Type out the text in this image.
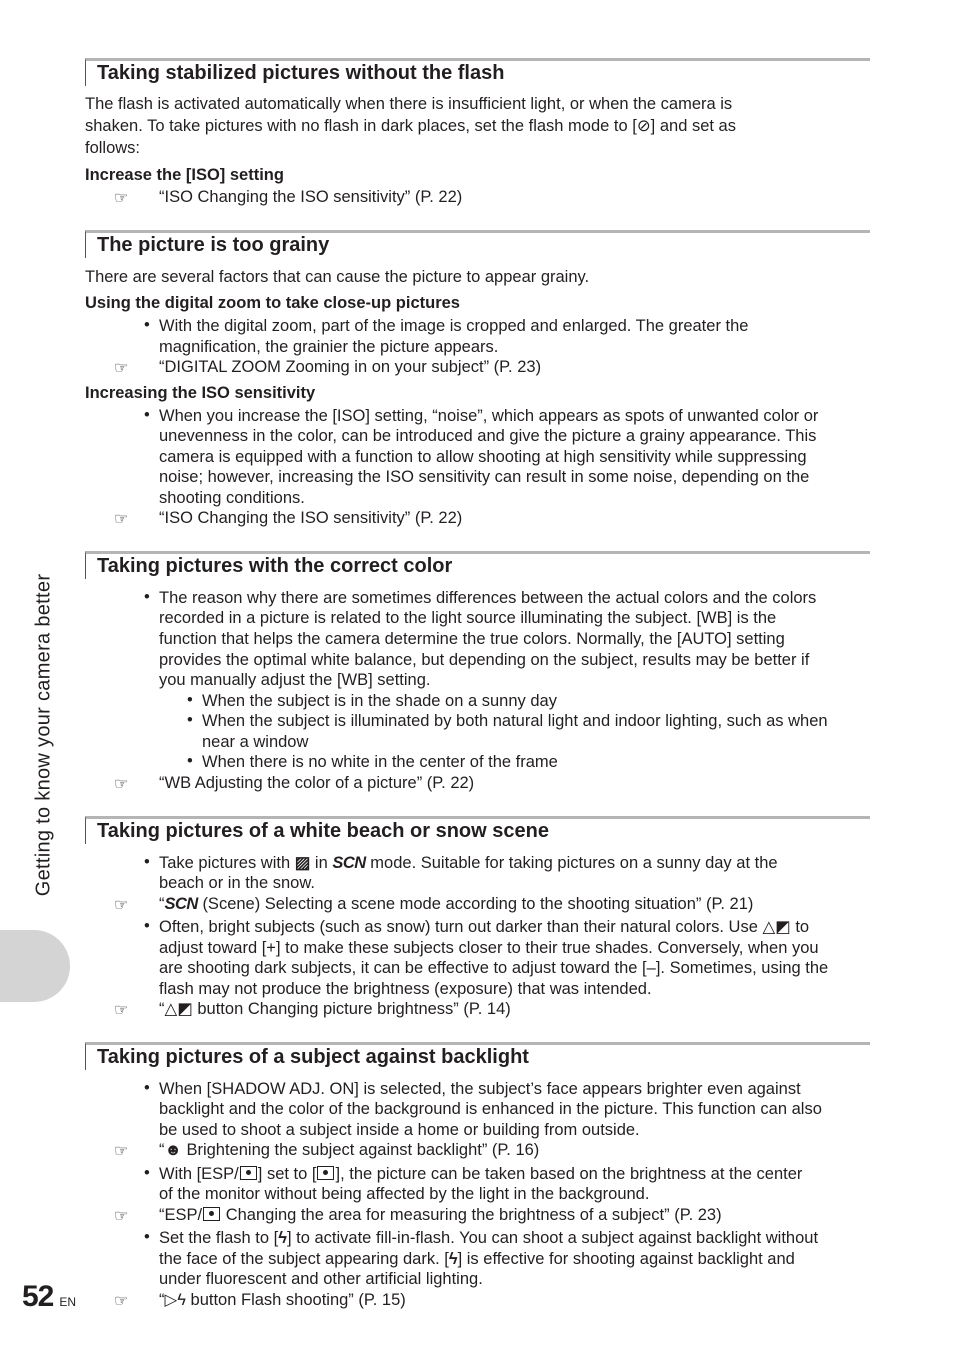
Getting to know your camera better
52 EN
Taking stabilized pictures without the flash
The flash is activated automatically when there is insufficient light, or when the camera is
shaken. To take pictures with no flash in dark places, set the flash mode to [⊘] and set as
follows:
Increase the [ISO] setting
☞ “ISO Changing the ISO sensitivity” (P. 22)
The picture is too grainy
There are several factors that can cause the picture to appear grainy.
Using the digital zoom to take close-up pictures
• With the digital zoom, part of the image is cropped and enlarged. The greater the
magnification, the grainier the picture appears.
☞ “DIGITAL ZOOM Zooming in on your subject” (P. 23)
Increasing the ISO sensitivity
• When you increase the [ISO] setting, “noise”, which appears as spots of unwanted color or
unevenness in the color, can be introduced and give the picture a grainy appearance. This
camera is equipped with a function to allow shooting at high sensitivity while suppressing
noise; however, increasing the ISO sensitivity can result in some noise, depending on the
shooting conditions.
☞ “ISO Changing the ISO sensitivity” (P. 22)
Taking pictures with the correct color
• The reason why there are sometimes differences between the actual colors and the colors
recorded in a picture is related to the light source illuminating the subject. [WB] is the
function that helps the camera determine the true colors. Normally, the [AUTO] setting
provides the optimal white balance, but depending on the subject, results may be better if
you manually adjust the [WB] setting.
• When the subject is in the shade on a sunny day
• When the subject is illuminated by both natural light and indoor lighting, such as when
near a window
• When there is no white in the center of the frame
☞ “WB Adjusting the color of a picture” (P. 22)
Taking pictures of a white beach or snow scene
• Take pictures with ▨ in SCN mode. Suitable for taking pictures on a sunny day at the
beach or in the snow.
☞ “SCN (Scene) Selecting a scene mode according to the shooting situation” (P. 21)
• Often, bright subjects (such as snow) turn out darker than their natural colors. Use △◩ to
adjust toward [+] to make these subjects closer to their true shades. Conversely, when you
are shooting dark subjects, it can be effective to adjust toward the [–]. Sometimes, using the
flash may not produce the brightness (exposure) that was intended.
☞ “△◩ button Changing picture brightness” (P. 14)
Taking pictures of a subject against backlight
• When [SHADOW ADJ. ON] is selected, the subject’s face appears brighter even against
backlight and the color of the background is enhanced in the picture. This function can also
be used to shoot a subject inside a home or building from outside.
☞ “☻ Brightening the subject against backlight” (P. 16)
• With [ESP/ ] set to [ ], the picture can be taken based on the brightness at the center
of the monitor without being affected by the light in the background.
☞ “ESP/ Changing the area for measuring the brightness of a subject” (P. 23)
• Set the flash to [ϟ] to activate fill-in-flash. You can shoot a subject against backlight without
the face of the subject appearing dark. [ϟ] is effective for shooting against backlight and
under fluorescent and other artificial lighting.
☞ “▷ϟ button Flash shooting” (P. 15)
